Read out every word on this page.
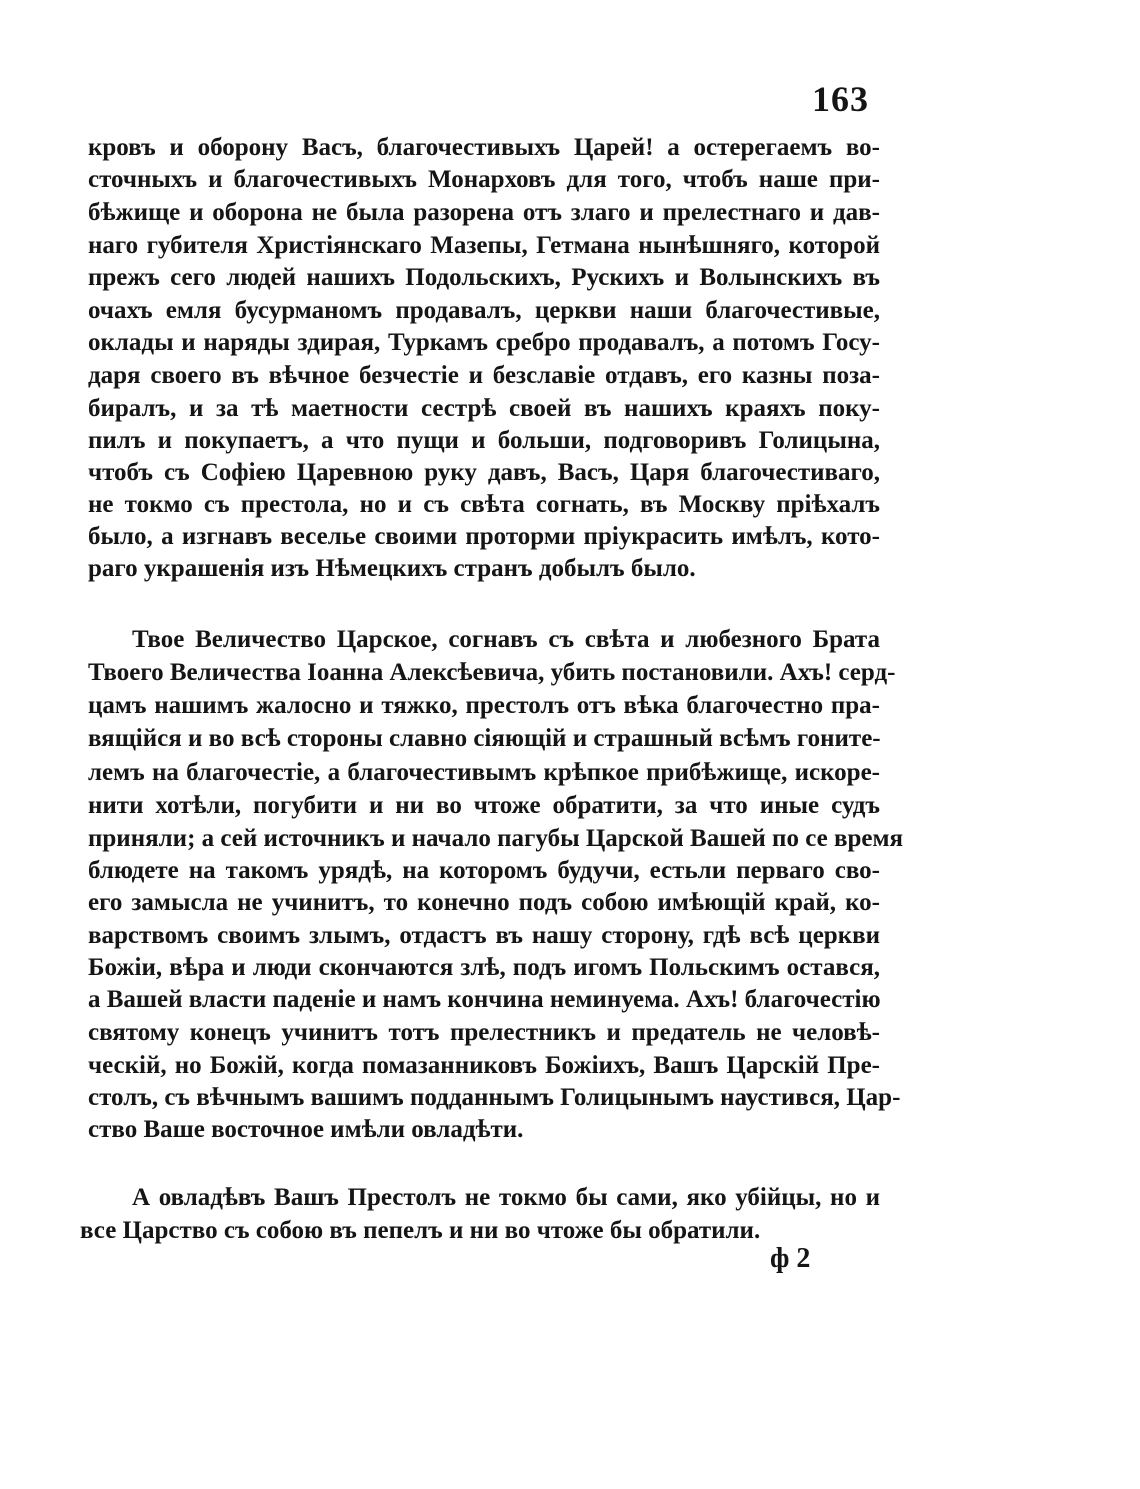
163
кровъ и оборону Васъ, благочестивыхъ Царей! а остерегаемъ во-
сточныхъ и благочестивыхъ Монарховъ для того, чтобъ наше при-
бѣжище и оборона не была разорена отъ злаго и прелестнаго и дав-
наго губителя Христіянскаго Мазепы, Гетмана нынѣшняго, которой
прежъ сего людей нашихъ Подольскихъ, Рускихъ и Волынскихъ въ
очахъ емля бусурманомъ продавалъ, церкви наши благочестивые,
оклады и наряды здирая, Туркамъ сребро продавалъ, а потомъ Госу-
даря своего въ вѣчное безчестіе и безславіе отдавъ, его казны поза-
биралъ, и за тѣ маетности сестрѣ своей въ нашихъ краяхъ поку-
пилъ и покупаетъ, а что пущи и больши, подговоривъ Голицына,
чтобъ съ Софіею Царевною руку давъ, Васъ, Царя благочестиваго,
не токмо съ престола, но и съ свѣта согнать, въ Москву пріѣхалъ
было, а изгнавъ веселье своими проторми пріукрасить имѣлъ, кото-
раго украшенія изъ Нѣмецкихъ странъ добылъ было.
Твое Величество Царское, согнавъ съ свѣта и любезного Брата
Твоего Величества Іоанна Алексѣевича, убить постановили. Ахъ! серд-
цамъ нашимъ жалосно и тяжко, престолъ отъ вѣка благочестно пра-
вящійся и во всѣ стороны славно сіяющій и страшный всѣмъ гоните-
лемъ на благочестіе, а благочестивымъ крѣпкое прибѣжище, искоре-
нити хотѣли, погубити и ни во чтоже обратити, за что иные судъ
приняли; а сей источникъ и начало пагубы Царской Вашей по се время
блюдете на такомъ урядѣ, на которомъ будучи, естьли перваго сво-
его замысла не учинитъ, то конечно подъ собою имѣющій край, ко-
варствомъ своимъ злымъ, отдастъ въ нашу сторону, гдѣ всѣ церкви
Божіи, вѣра и люди скончаются злѣ, подъ игомъ Польскимъ остався,
а Вашей власти паденіе и намъ кончина неминуема. Ахъ! благочестію
святому конецъ учинитъ тотъ прелестникъ и предатель не человѣ-
ческій, но Божій, когда помазанниковъ Божіихъ, Вашъ Царскій Пре-
столъ, съ вѣчнымъ вашимъ подданнымъ Голицынымъ наустився, Цар-
ство Ваше восточное имѣли овладѣти.
А овладѣвъ Вашъ Престолъ не токмо бы сами, яко убійцы, но и
все Царство съ собою въ пепелъ и ни во чтоже бы обратили.
ф 2
